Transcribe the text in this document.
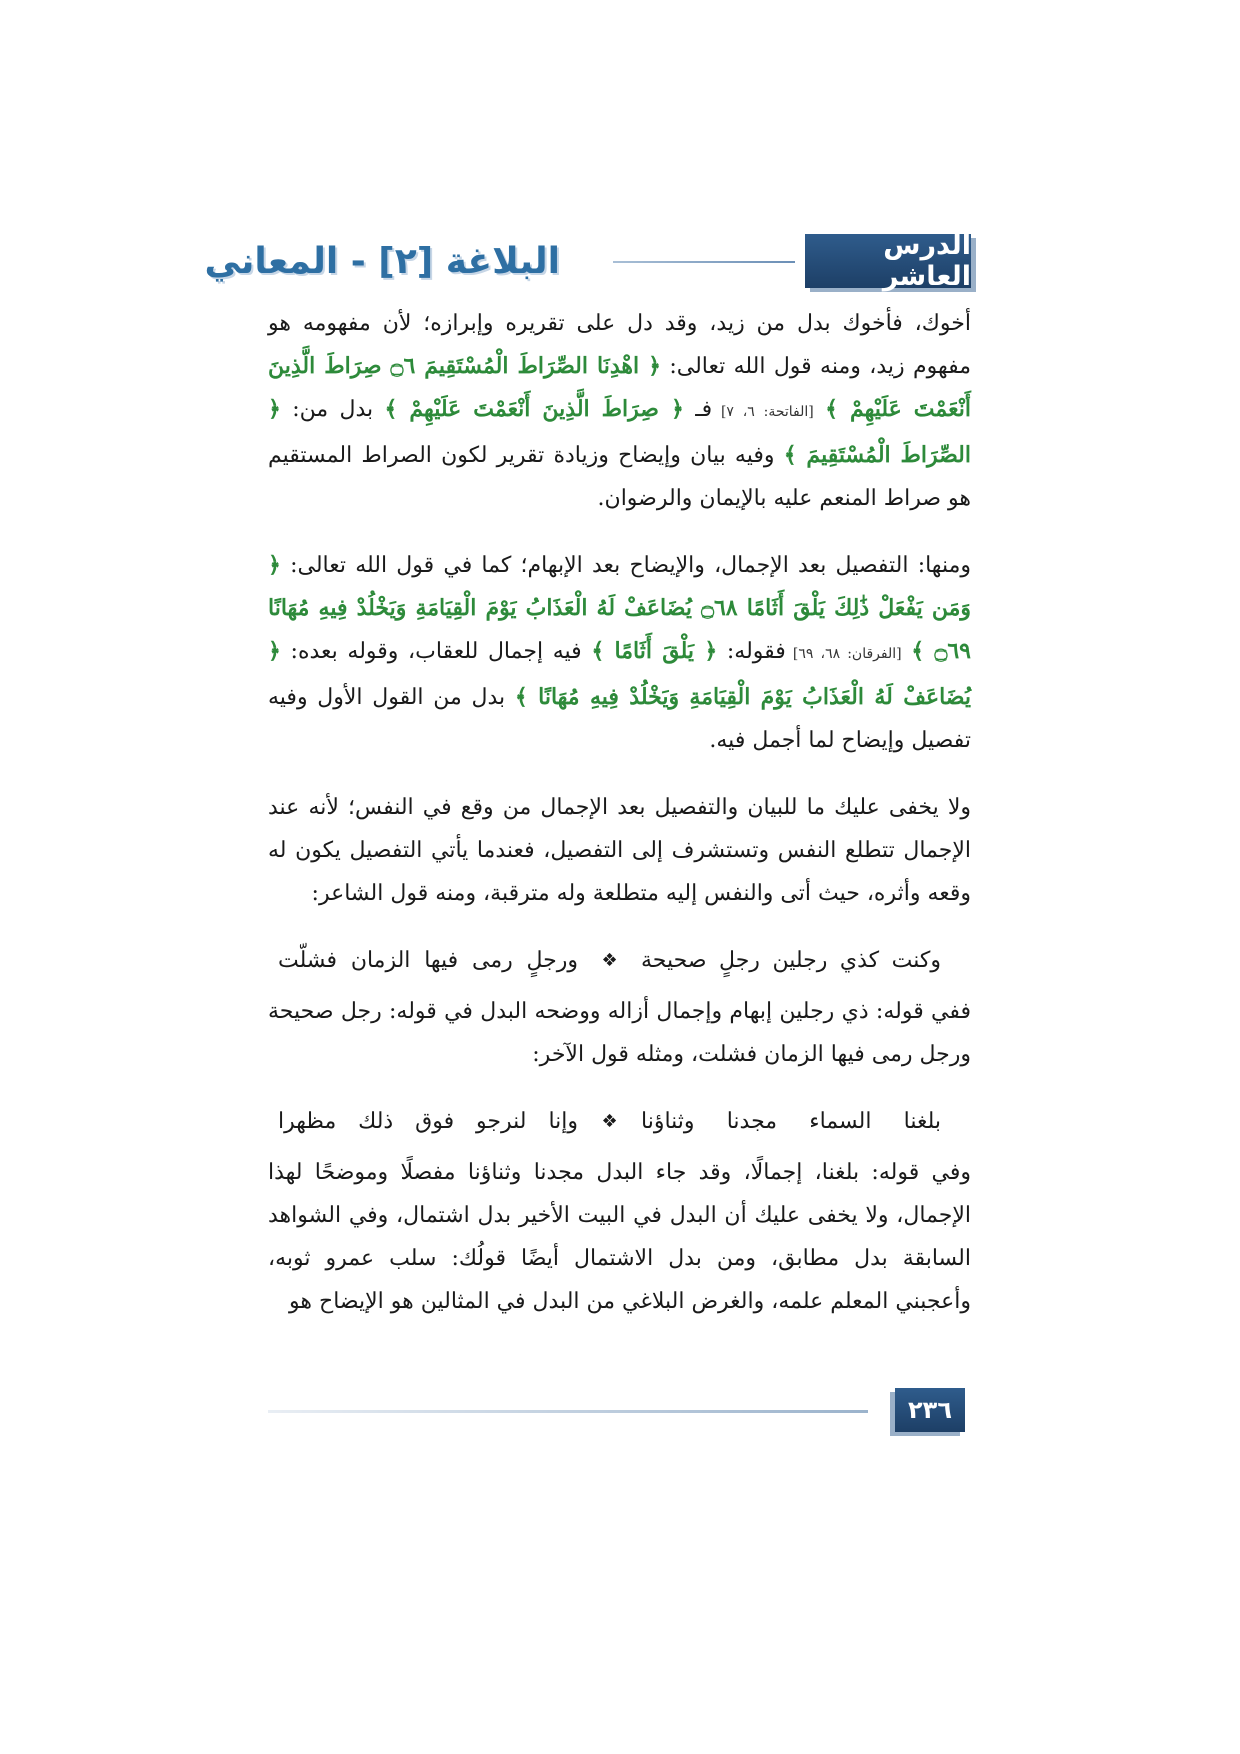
الدرس العاشر
البلاغة [٢] - المعاني

أخوك، فأخوك بدل من زيد، وقد دل على تقريره وإبرازه؛ لأن مفهومه هو مفهوم زيد، ومنه قول الله تعالى: ﴿ اهْدِنَا الصِّرَاطَ الْمُسْتَقِيمَ ۝٦ صِرَاطَ الَّذِينَ أَنْعَمْتَ عَلَيْهِمْ ﴾ [الفاتحة: ٦، ٧] فـ ﴿ صِرَاطَ الَّذِينَ أَنْعَمْتَ عَلَيْهِمْ ﴾ بدل من: ﴿ الصِّرَاطَ الْمُسْتَقِيمَ ﴾ وفيه بيان وإيضاح وزيادة تقرير لكون الصراط المستقيم هو صراط المنعم عليه بالإيمان والرضوان.

ومنها: التفصيل بعد الإجمال، والإيضاح بعد الإبهام؛ كما في قول الله تعالى: ﴿ وَمَن يَفْعَلْ ذَٰلِكَ يَلْقَ أَثَامًا ۝٦٨ يُضَاعَفْ لَهُ الْعَذَابُ يَوْمَ الْقِيَامَةِ وَيَخْلُدْ فِيهِ مُهَانًا ۝٦٩ ﴾ [الفرقان: ٦٨، ٦٩] فقوله: ﴿ يَلْقَ أَثَامًا ﴾ فيه إجمال للعقاب، وقوله بعده: ﴿ يُضَاعَفْ لَهُ الْعَذَابُ يَوْمَ الْقِيَامَةِ وَيَخْلُدْ فِيهِ مُهَانًا ﴾ بدل من القول الأول وفيه تفصيل وإيضاح لما أجمل فيه.

ولا يخفى عليك ما للبيان والتفصيل بعد الإجمال من وقع في النفس؛ لأنه عند الإجمال تتطلع النفس وتستشرف إلى التفصيل، فعندما يأتي التفصيل يكون له وقعه وأثره، حيث أتى والنفس إليه متطلعة وله مترقبة، ومنه قول الشاعر:

وكنت كذي رجلين رجلٍ صحيحة
❖
ورجلٍ رمى فيها الزمان فشلّت

ففي قوله: ذي رجلين إبهام وإجمال أزاله ووضحه البدل في قوله: رجل صحيحة ورجل رمى فيها الزمان فشلت، ومثله قول الآخر:

بلغنا السماء مجدنا وثناؤنا
❖
وإنا لنرجو فوق ذلك مظهرا

وفي قوله: بلغنا، إجمالًا، وقد جاء البدل مجدنا وثناؤنا مفصلًا وموضحًا لهذا الإجمال، ولا يخفى عليك أن البدل في البيت الأخير بدل اشتمال، وفي الشواهد السابقة بدل مطابق، ومن بدل الاشتمال أيضًا قولُك: سلب عمرو ثوبه، وأعجبني المعلم علمه، والغرض البلاغي من البدل في المثالين هو الإيضاح هو

٢٣٦
